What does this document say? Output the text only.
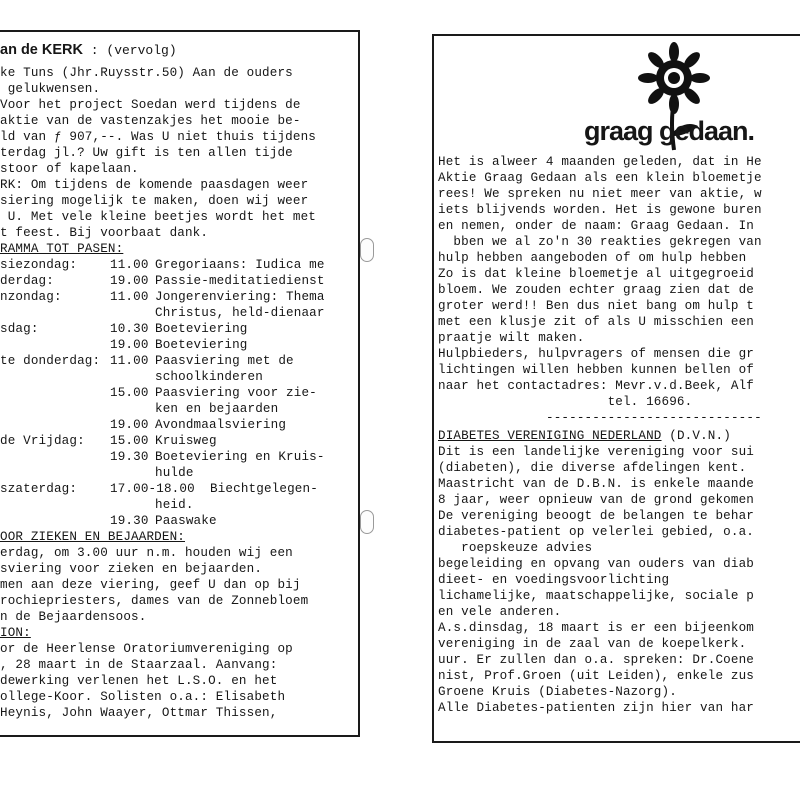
an de KERK : (vervolg)
ke Tuns (Jhr.Ruysstr.50) Aan de ouders
gelukwensen.
Voor het project Soedan werd tijdens de
aktie van de vastenzakjes het mooie be-
ld van ƒ 907,--. Was U niet thuis tijdens
terdag jl.? Uw gift is ten allen tijde
stoor of kapelaan.
RK: Om tijdens de komende paasdagen weer
siering mogelijk te maken, doen wij weer
U. Met vele kleine beetjes wordt het met
t feest. Bij voorbaat dank.
RAMMA TOT PASEN:
siezondag:	11.00 Gregoriaans: Iudica me
derdag:	19.00 Passie-meditatiedienst
nzondag:	11.00 Jongerenviering: Thema
Christus, held-dienaar
sdag:	10.30 Boeteviering
19.00 Boeteviering
te donderdag: 11.00 Paasviering met de
schoolkinderen
15.00 Paasviering voor zie-
ken en bejaarden
19.00 Avondmaalsviering
de Vrijdag: 15.00 Kruisweg
19.30 Boeteviering en Kruis-
hulde
szaterdag:	17.00-18.00 Biechtgelegen-
heid.
19.30 Paaswake
OOR ZIEKEN EN BEJAARDEN:
erdag, om 3.00 uur n.m. houden wij een
sviering voor zieken en bejaarden.
men aan deze viering, geef U dan op bij
rochiepriesters, dames van de Zonnebloem
n de Bejaardensoos.
ION:
or de Heerlense Oratoriumvereniging op
, 28 maart in de Staarzaal. Aanvang:
dewerking verlenen het L.S.O. en het
ollege-Koor. Solisten o.a.: Elisabeth
Heynis, John Waayer, Ottmar Thissen,
graag gedaan.
Het is alweer 4 maanden geleden, dat in He
Aktie Graag Gedaan als een klein bloemetje
rees! We spreken nu niet meer van aktie, w
iets blijvends worden. Het is gewone buren
en nemen, onder de naam: Graag Gedaan. In
bben we al zo'n 30 reakties gekregen van
hulp hebben aangeboden of om hulp hebben
Zo is dat kleine bloemetje al uitgegroeid
bloem. We zouden echter graag zien dat de
groter werd!! Ben dus niet bang om hulp t
met een klusje zit of als U misschien een
praatje wilt maken.
Hulpbieders, hulpvragers of mensen die gr
lichtingen willen hebben kunnen bellen of
naar het contactadres: Mevr.v.d.Beek, Alf
tel. 16696.
----------------------------
DIABETES VERENIGING NEDERLAND (D.V.N.)
Dit is een landelijke vereniging voor sui
(diabeten), die diverse afdelingen kent.
Maastricht van de D.B.N. is enkele maande
8 jaar, weer opnieuw van de grond gekomen
De vereniging beoogt de belangen te behar
diabetes-patient op velerlei gebied, o.a.
roepskeuze advies
begeleiding en opvang van ouders van diab
dieet- en voedingsvoorlichting
lichamelijke, maatschappelijke, sociale p
en vele anderen.
A.s.dinsdag, 18 maart is er een bijeenkom
vereniging in de zaal van de koepelkerk.
uur. Er zullen dan o.a. spreken: Dr.Coene
nist, Prof.Groen (uit Leiden), enkele zus
Groene Kruis (Diabetes-Nazorg).
Alle Diabetes-patienten zijn hier van har
